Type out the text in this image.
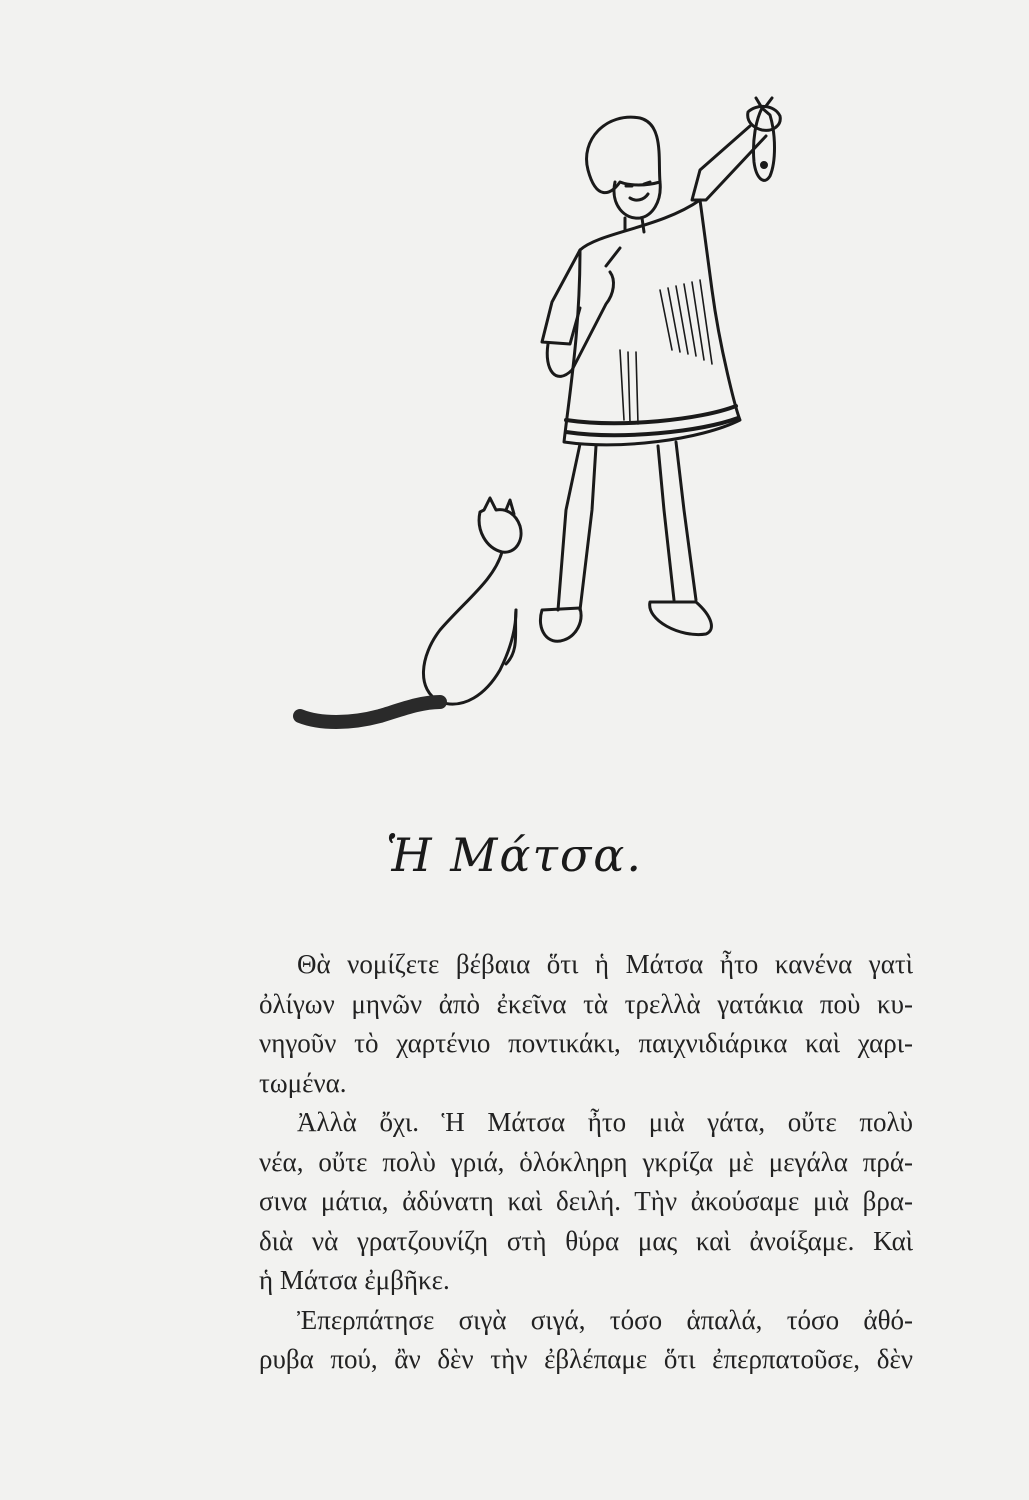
Ἡ Μάτσα.
Θὰ νομίζετε βέβαια ὅτι ἡ Μάτσα ἦτο κανένα γατὶ
ὀλίγων μηνῶν ἀπὸ ἐκεῖνα τὰ τρελλὰ γατάκια ποὺ κυ-
νηγοῦν τὸ χαρτένιο ποντικάκι, παιχνιδιάρικα καὶ χαρι-
τωμένα.
Ἀλλὰ ὄχι. Ἡ Μάτσα ἦτο μιὰ γάτα, οὔτε πολὺ
νέα, οὔτε πολὺ γριά, ὁλόκληρη γκρίζα μὲ μεγάλα πρά-
σινα μάτια, ἀδύνατη καὶ δειλή. Τὴν ἀκούσαμε μιὰ βρα-
διὰ νὰ γρατζουνίζη στὴ θύρα μας καὶ ἀνοίξαμε. Καὶ
ἡ Μάτσα ἐμβῆκε.
Ἐπερπάτησε σιγὰ σιγά, τόσο ἁπαλά, τόσο ἀθό-
ρυβα πού, ἂν δὲν τὴν ἐβλέπαμε ὅτι ἐπερπατοῦσε, δὲν
